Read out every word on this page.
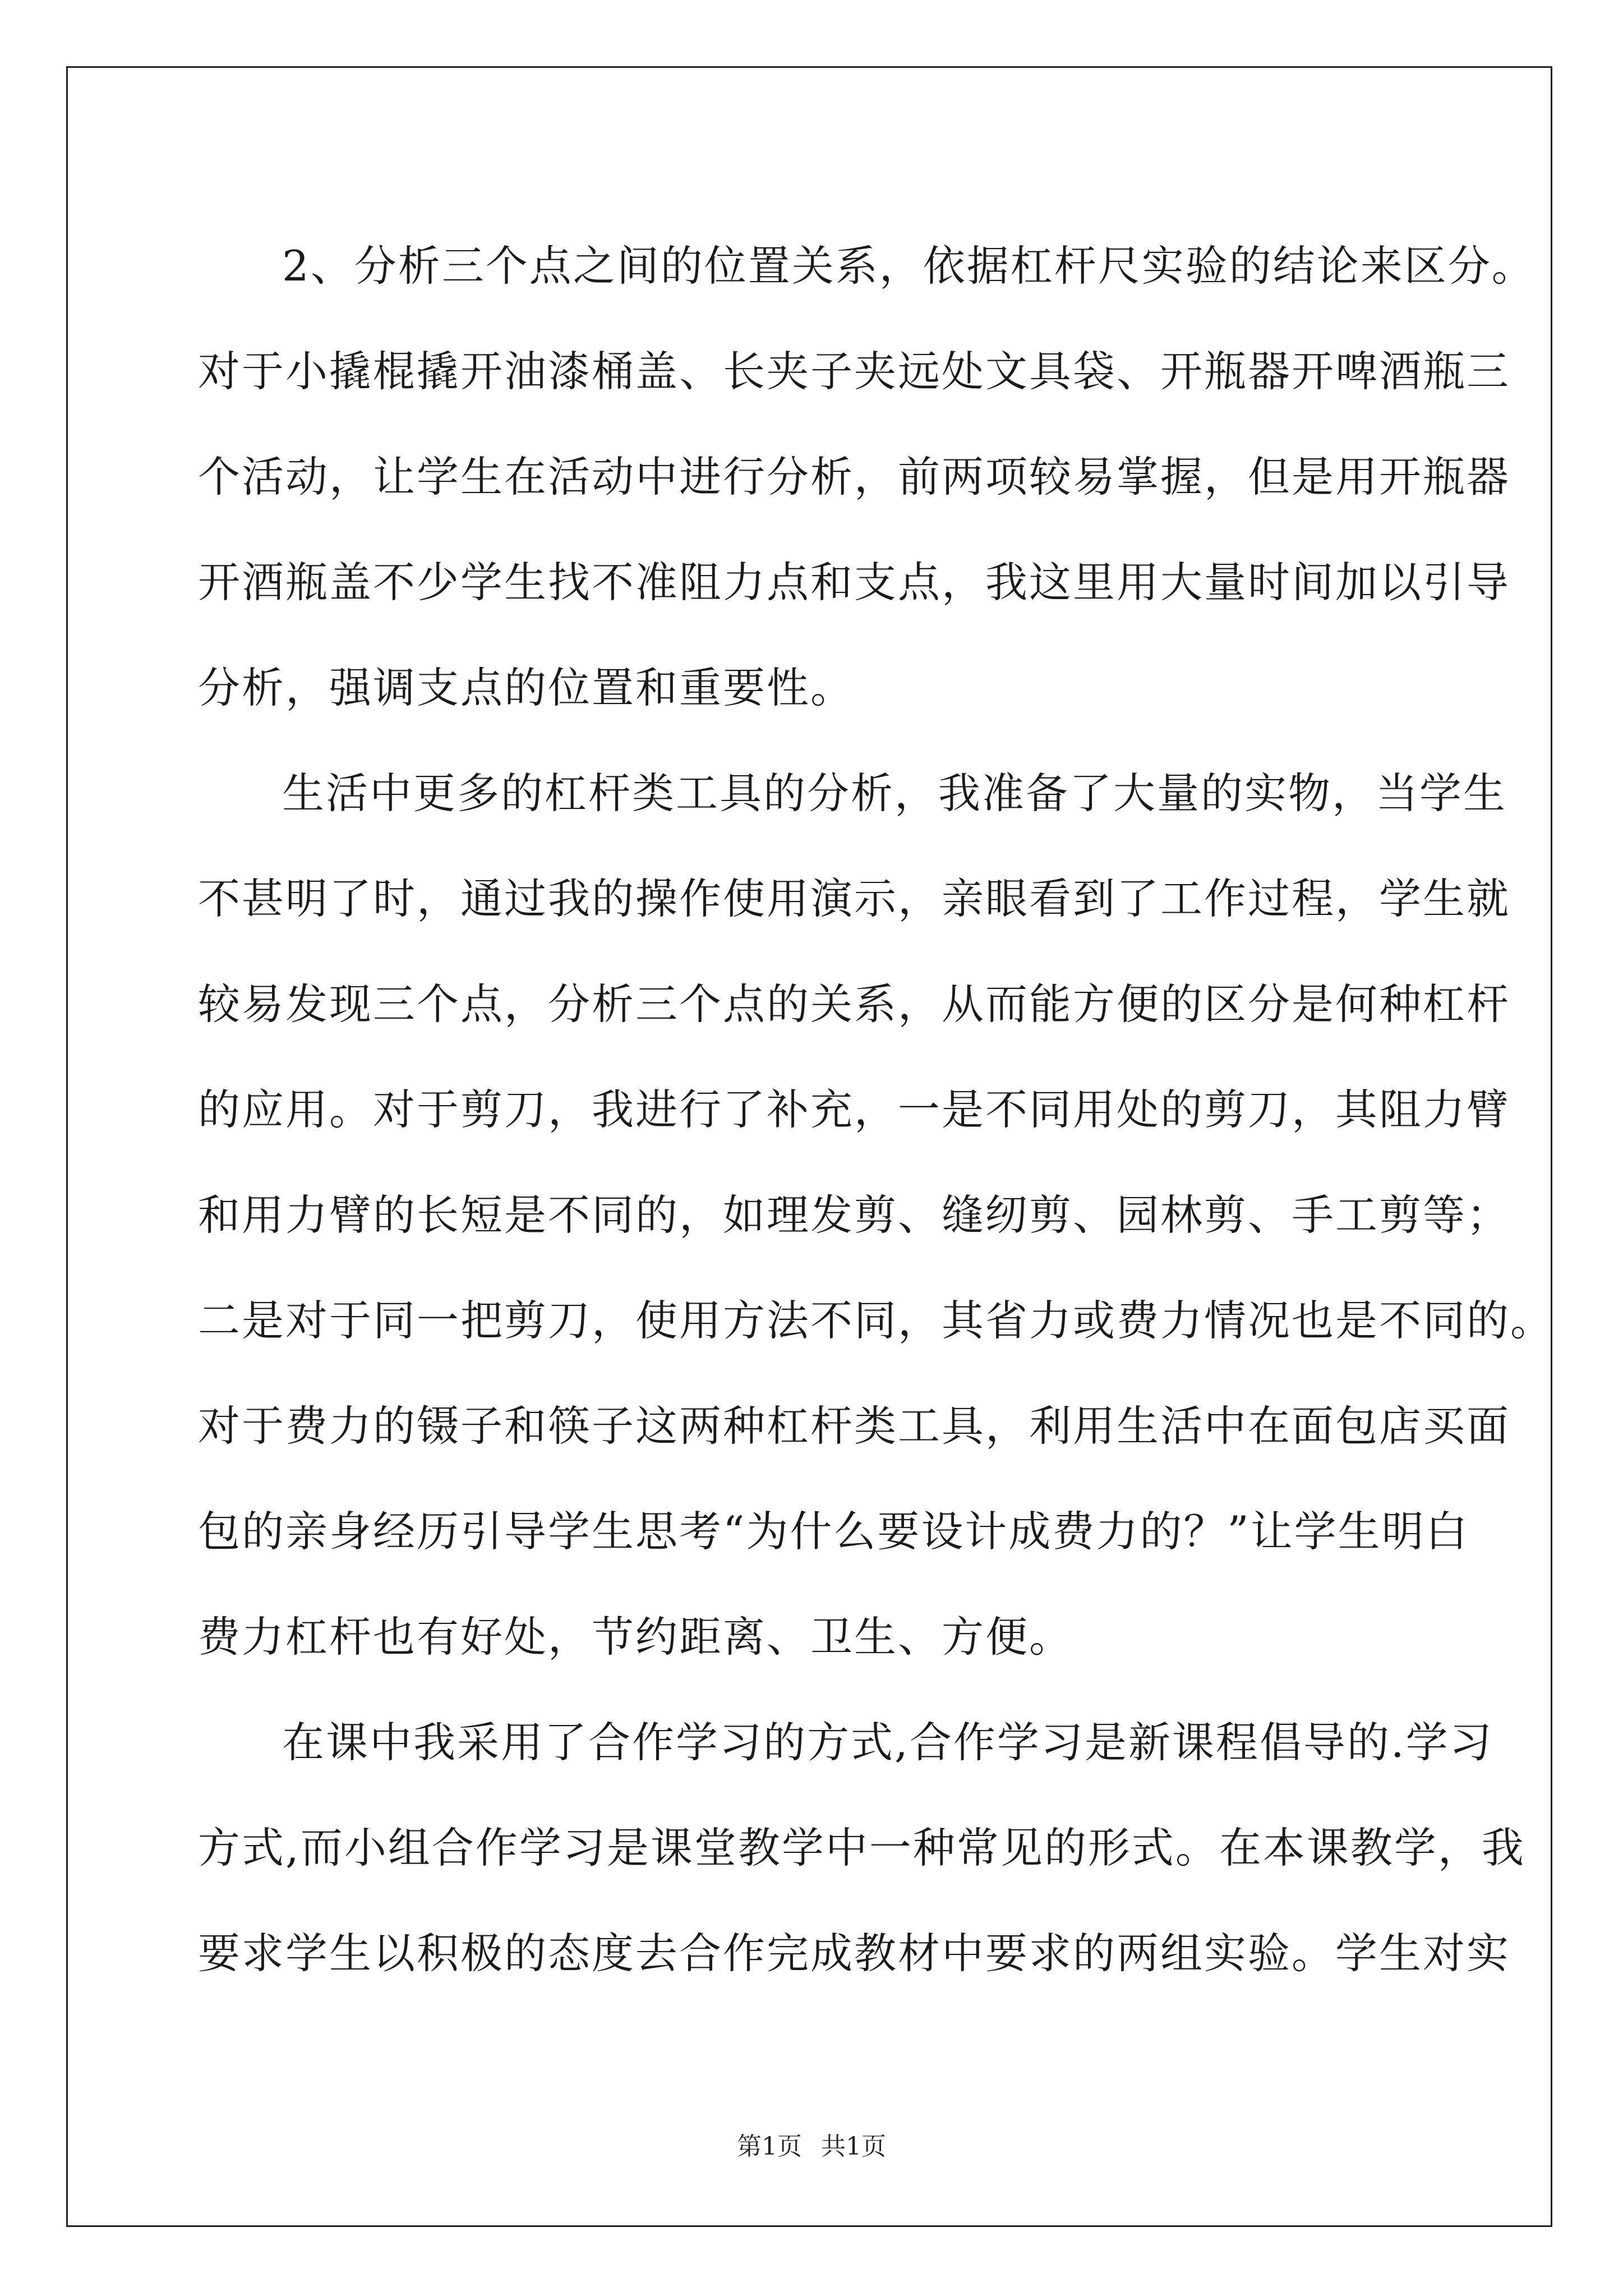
2、分析三个点之间的位置关系，依据杠杆尺实验的结论来区分。
对于小撬棍撬开油漆桶盖、长夹子夹远处文具袋、开瓶器开啤酒瓶三
个活动，让学生在活动中进行分析，前两项较易掌握，但是用开瓶器
开酒瓶盖不少学生找不准阻力点和支点，我这里用大量时间加以引导
分析，强调支点的位置和重要性。
生活中更多的杠杆类工具的分析，我准备了大量的实物，当学生
不甚明了时，通过我的操作使用演示，亲眼看到了工作过程，学生就
较易发现三个点，分析三个点的关系，从而能方便的区分是何种杠杆
的应用。对于剪刀，我进行了补充，一是不同用处的剪刀，其阻力臂
和用力臂的长短是不同的，如理发剪、缝纫剪、园林剪、手工剪等；
二是对于同一把剪刀，使用方法不同，其省力或费力情况也是不同的。
对于费力的镊子和筷子这两种杠杆类工具，利用生活中在面包店买面
包的亲身经历引导学生思考“为什么要设计成费力的？”让学生明白
费力杠杆也有好处，节约距离、卫生、方便。
在课中我采用了合作学习的方式,合作学习是新课程倡导的.学习
方式,而小组合作学习是课堂教学中一种常见的形式。在本课教学，我
要求学生以积极的态度去合作完成教材中要求的两组实验。学生对实
第1页 共1页
